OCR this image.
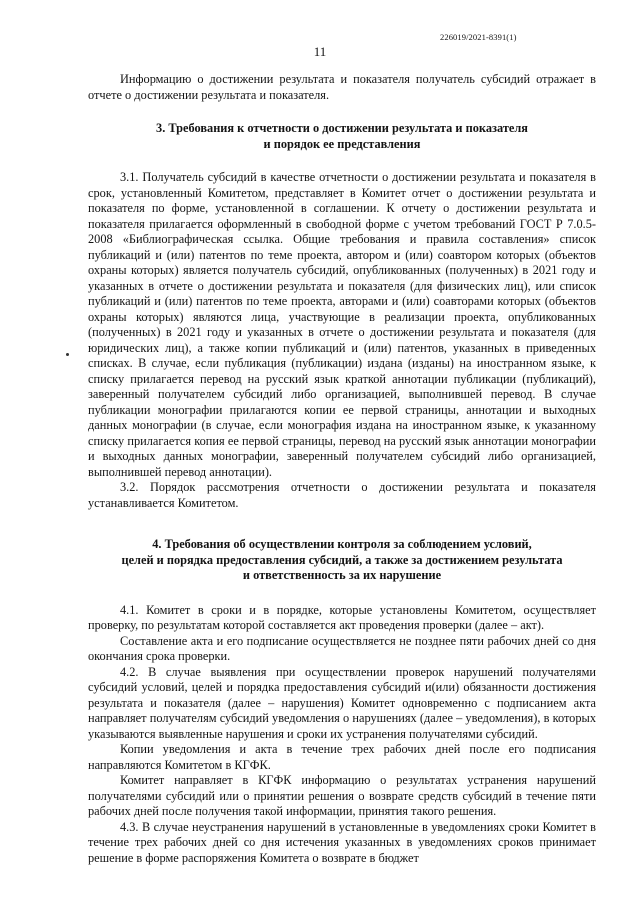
226019/2021-8391(1)
11

Информацию о достижении результата и показателя получатель субсидий отражает в отчете о достижении результата и показателя.

3. Требования к отчетности о достижении результата и показателя
и порядок ее представления

3.1. Получатель субсидий в качестве отчетности о достижении результата и показателя в срок, установленный Комитетом, представляет в Комитет отчет о достижении результата и показателя по форме, установленной в соглашении. К отчету о достижении результата и показателя прилагается оформленный в свободной форме с учетом требований ГОСТ Р 7.0.5-2008 «Библиографическая ссылка. Общие требования и правила составления» список публикаций и (или) патентов по теме проекта, автором и (или) соавтором которых (объектов охраны которых) является получатель субсидий, опубликованных (полученных) в 2021 году и указанных в отчете о достижении результата и показателя (для физических лиц), или список публикаций и (или) патентов по теме проекта, авторами и (или) соавторами которых (объектов охраны которых) являются лица, участвующие в реализации проекта, опубликованных (полученных) в 2021 году и указанных в отчете о достижении результата и показателя (для юридических лиц), а также копии публикаций и (или) патентов, указанных в приведенных списках. В случае, если публикация (публикации) издана (изданы) на иностранном языке, к списку прилагается перевод на русский язык краткой аннотации публикации (публикаций), заверенный получателем субсидий либо организацией, выполнившей перевод. В случае публикации монографии прилагаются копии ее первой страницы, аннотации и выходных данных монографии (в случае, если монография издана на иностранном языке, к указанному списку прилагается копия ее первой страницы, перевод на русский язык аннотации монографии и выходных данных монографии, заверенный получателем субсидий либо организацией, выполнившей перевод аннотации).

3.2. Порядок рассмотрения отчетности о достижении результата и показателя устанавливается Комитетом.

4. Требования об осуществлении контроля за соблюдением условий,
целей и порядка предоставления субсидий, а также за достижением результата
и ответственность за их нарушение

4.1. Комитет в сроки и в порядке, которые установлены Комитетом, осуществляет проверку, по результатам которой составляется акт проведения проверки (далее – акт).

Составление акта и его подписание осуществляется не позднее пяти рабочих дней со дня окончания срока проверки.

4.2. В случае выявления при осуществлении проверок нарушений получателями субсидий условий, целей и порядка предоставления субсидий и(или) обязанности достижения результата и показателя (далее – нарушения) Комитет одновременно с подписанием акта направляет получателям субсидий уведомления о нарушениях (далее – уведомления), в которых указываются выявленные нарушения и сроки их устранения получателями субсидий.

Копии уведомления и акта в течение трех рабочих дней после его подписания направляются Комитетом в КГФК.

Комитет направляет в КГФК информацию о результатах устранения нарушений получателями субсидий или о принятии решения о возврате средств субсидий в течение пяти рабочих дней после получения такой информации, принятия такого решения.

4.3. В случае неустранения нарушений в установленные в уведомлениях сроки Комитет в течение трех рабочих дней со дня истечения указанных в уведомлениях сроков принимает решение в форме распоряжения Комитета о возврате в бюджет
